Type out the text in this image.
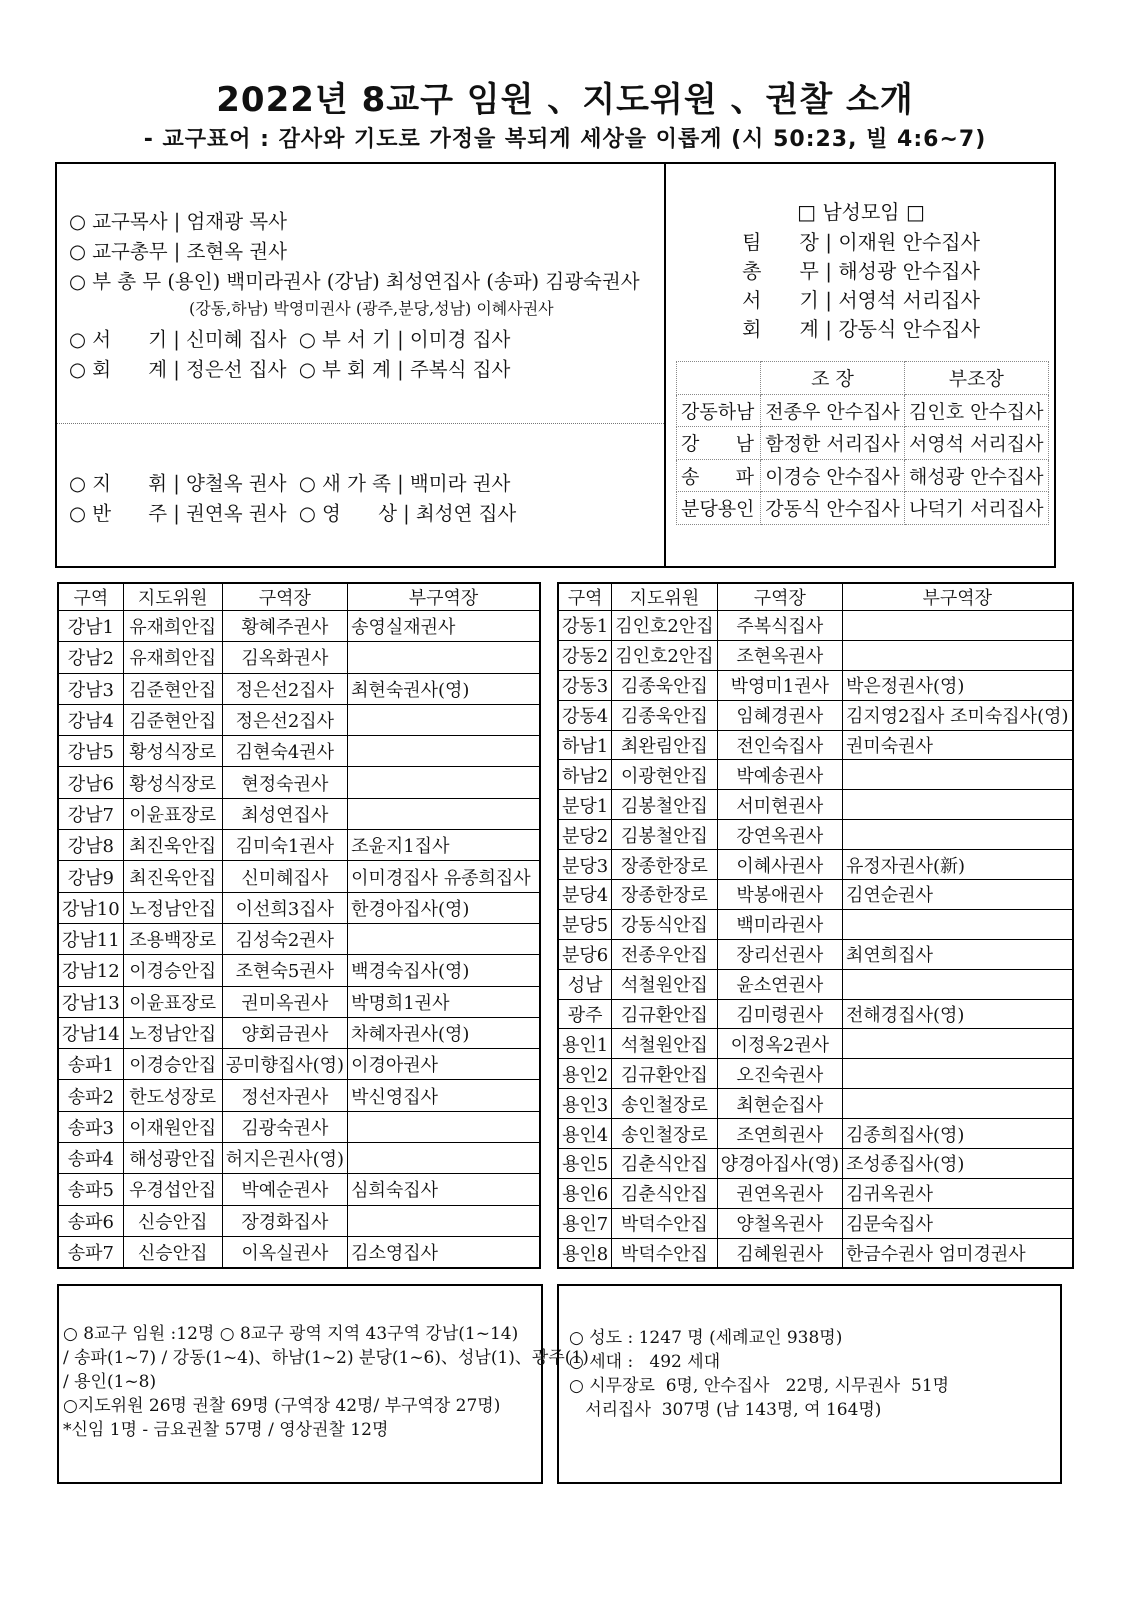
2022년 8교구 임원 、지도위원 、권찰 소개
- 교구표어 : 감사와 기도로 가정을 복되게 세상을 이롭게 (시 50:23, 빌 4:6~7)
○ 교구목사 | 엄재광 목사
○ 교구총무 | 조현옥 권사
○ 부 총 무 (용인) 백미라권사 (강남) 최성연집사 (송파) 김광숙권사
(강동,하남) 박영미권사 (광주,분당,성남) 이혜사권사
○ 서      기 | 신미혜 집사  ○ 부 서 기 | 이미경 집사
○ 회      계 | 정은선 집사  ○ 부 회 계 | 주복식 집사
○ 지      휘 | 양철옥 권사  ○ 새 가 족 | 백미라 권사
○ 반      주 | 권연옥 권사  ○ 영      상 | 최성연 집사
□ 남성모임 □
팀      장 | 이재원 안수집사
총      무 | 해성광 안수집사
서      기 | 서영석 서리집사
회      계 | 강동식 안수집사
	조 장	부조장
강동하남	전종우 안수집사	김인호 안수집사
강      남	함정한 서리집사	서영석 서리집사
송      파	이경승 안수집사	해성광 안수집사
분당용인	강동식 안수집사	나덕기 서리집사
구역	지도위원	구역장	부구역장
강남1	유재희안집	황혜주권사	송영실재권사
강남2	유재희안집	김옥화권사	
강남3	김준현안집	정은선2집사	최현숙권사(영)
강남4	김준현안집	정은선2집사	
강남5	황성식장로	김현숙4권사	
강남6	황성식장로	현정숙권사	
강남7	이윤표장로	최성연집사	
강남8	최진욱안집	김미숙1권사	조윤지1집사
강남9	최진욱안집	신미혜집사	이미경집사 유종희집사
강남10	노정남안집	이선희3집사	한경아집사(영)
강남11	조용백장로	김성숙2권사	
강남12	이경승안집	조현숙5권사	백경숙집사(영)
강남13	이윤표장로	권미옥권사	박명희1권사
강남14	노정남안집	양회금권사	차혜자권사(영)
송파1	이경승안집	공미향집사(영)	이경아권사
송파2	한도성장로	정선자권사	박신영집사
송파3	이재원안집	김광숙권사	
송파4	해성광안집	허지은권사(영)	
송파5	우경섭안집	박예순권사	심희숙집사
송파6	신승안집	장경화집사	
송파7	신승안집	이옥실권사	김소영집사
구역	지도위원	구역장	부구역장
강동1	김인호2안집	주복식집사	
강동2	김인호2안집	조현옥권사	
강동3	김종욱안집	박영미1권사	박은정권사(영)
강동4	김종욱안집	임혜경권사	김지영2집사 조미숙집사(영)
하남1	최완림안집	전인숙집사	권미숙권사
하남2	이광현안집	박예송권사	
분당1	김봉철안집	서미현권사	
분당2	김봉철안집	강연옥권사	
분당3	장종한장로	이혜사권사	유정자권사(新)
분당4	장종한장로	박봉애권사	김연순권사
분당5	강동식안집	백미라권사	
분당6	전종우안집	장리선권사	최연희집사
성남	석철원안집	윤소연권사	
광주	김규환안집	김미령권사	전해경집사(영)
용인1	석철원안집	이정옥2권사	
용인2	김규환안집	오진숙권사	
용인3	송인철장로	최현순집사	
용인4	송인철장로	조연희권사	김종희집사(영)
용인5	김춘식안집	양경아집사(영)	조성종집사(영)
용인6	김춘식안집	권연옥권사	김귀옥권사
용인7	박덕수안집	양철옥권사	김문숙집사
용인8	박덕수안집	김혜원권사	한금수권사 엄미경권사
○ 8교구 임원 :12명 ○ 8교구 광역 지역 43구역 강남(1~14)
/ 송파(1~7) / 강동(1~4)、하남(1~2) 분당(1~6)、성남(1)、광주(1)
/ 용인(1~8)
○지도위원 26명 권찰 69명 (구역장 42명/ 부구역장 27명)
*신임 1명 - 금요권찰 57명 / 영상권찰 12명
○ 성도 : 1247 명 (세례교인 938명)
○ 세대 :   492 세대
○ 시무장로  6명, 안수집사   22명, 시무권사  51명
서리집사  307명 (남 143명, 여 164명)
